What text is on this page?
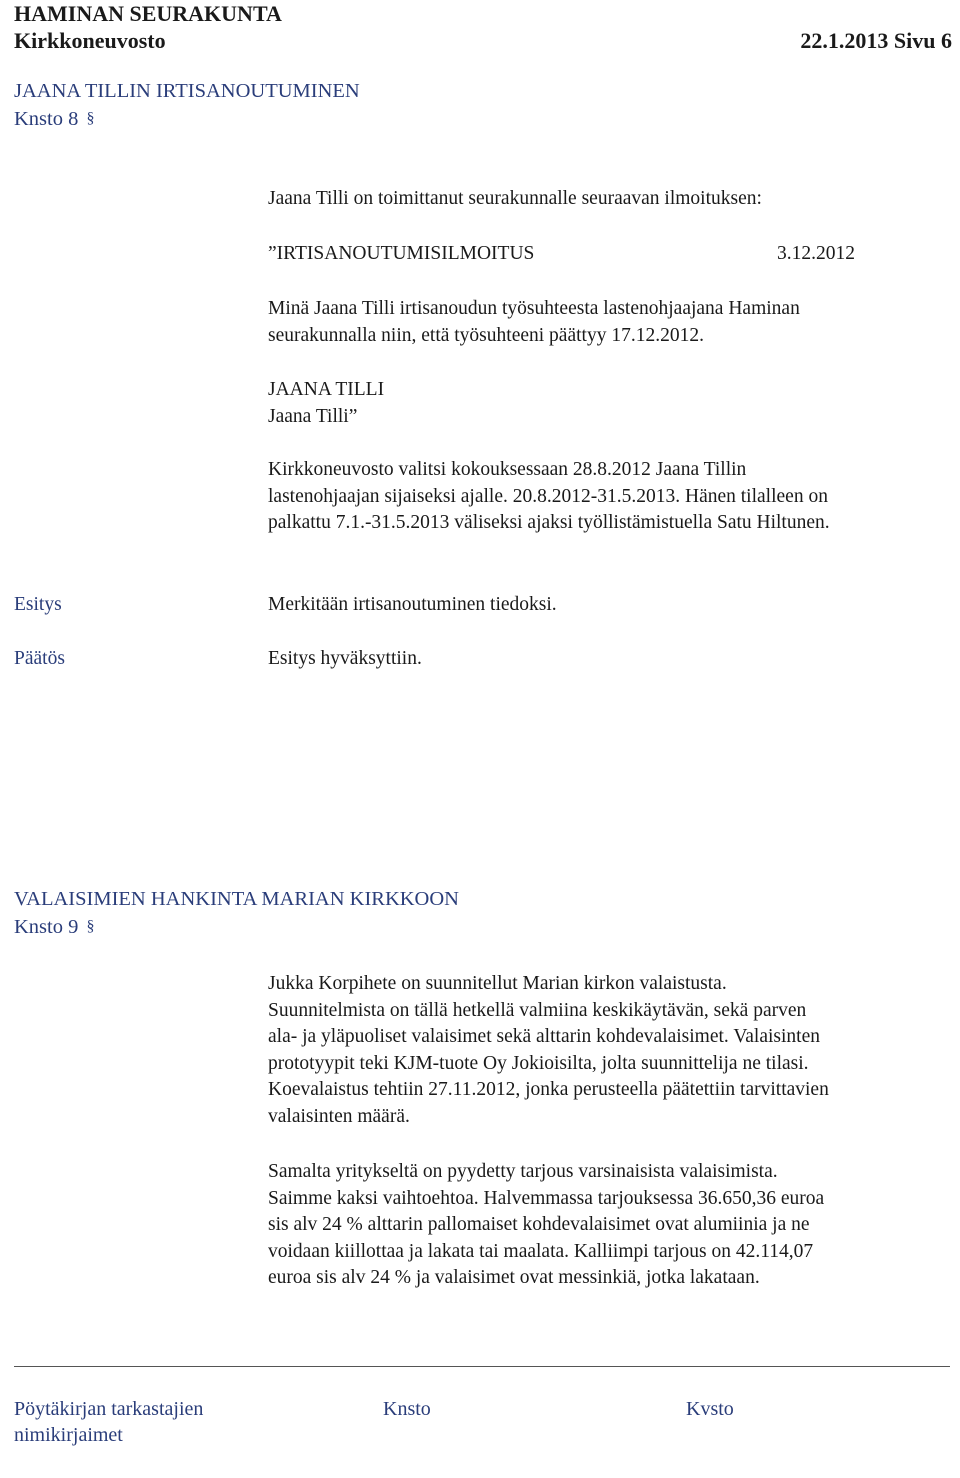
HAMINAN SEURAKUNTA
Kirkkoneuvosto	22.1.2013 Sivu 6
JAANA TILLIN IRTISANOUTUMINEN
Knsto 8 §
Jaana Tilli on toimittanut seurakunnalle seuraavan ilmoituksen:
”IRTISANOUTUMISILMOITUS	3.12.2012
Minä Jaana Tilli irtisanoudun työsuhteesta lastenohjaajana Haminan
seurakunnalla niin, että työsuhteeni päättyy 17.12.2012.
JAANA TILLI
Jaana Tilli”
Kirkkoneuvosto valitsi kokouksessaan 28.8.2012 Jaana Tillin
lastenohjaajan sijaiseksi ajalle. 20.8.2012-31.5.2013. Hänen tilalleen on
palkattu 7.1.-31.5.2013 väliseksi ajaksi työllistämistuella Satu Hiltunen.
Esitys	Merkitään irtisanoutuminen tiedoksi.
Päätös	Esitys hyväksyttiin.
VALAISIMIEN HANKINTA MARIAN KIRKKOON
Knsto 9 §
Jukka Korpihete on suunnitellut Marian kirkon valaistusta.
Suunnitelmista on tällä hetkellä valmiina keskikäytävän, sekä parven
ala- ja yläpuoliset valaisimet sekä alttarin kohdevalaisimet. Valaisinten
prototyypit teki KJM-tuote Oy Jokioisilta, jolta suunnittelija ne tilasi.
Koevalaistus tehtiin 27.11.2012, jonka perusteella päätettiin tarvittavien
valaisinten määrä.
Samalta yritykseltä on pyydetty tarjous varsinaisista valaisimista.
Saimme kaksi vaihtoehtoa. Halvemmassa tarjouksessa 36.650,36 euroa
sis alv 24 % alttarin pallomaiset kohdevalaisimet ovat alumiinia ja ne
voidaan kiillottaa ja lakata tai maalata. Kalliimpi tarjous on 42.114,07
euroa sis alv 24 % ja valaisimet ovat messinkiä, jotka lakataan.
Pöytäkirjan tarkastajien
nimikirjaimet
Knsto	Kvsto
